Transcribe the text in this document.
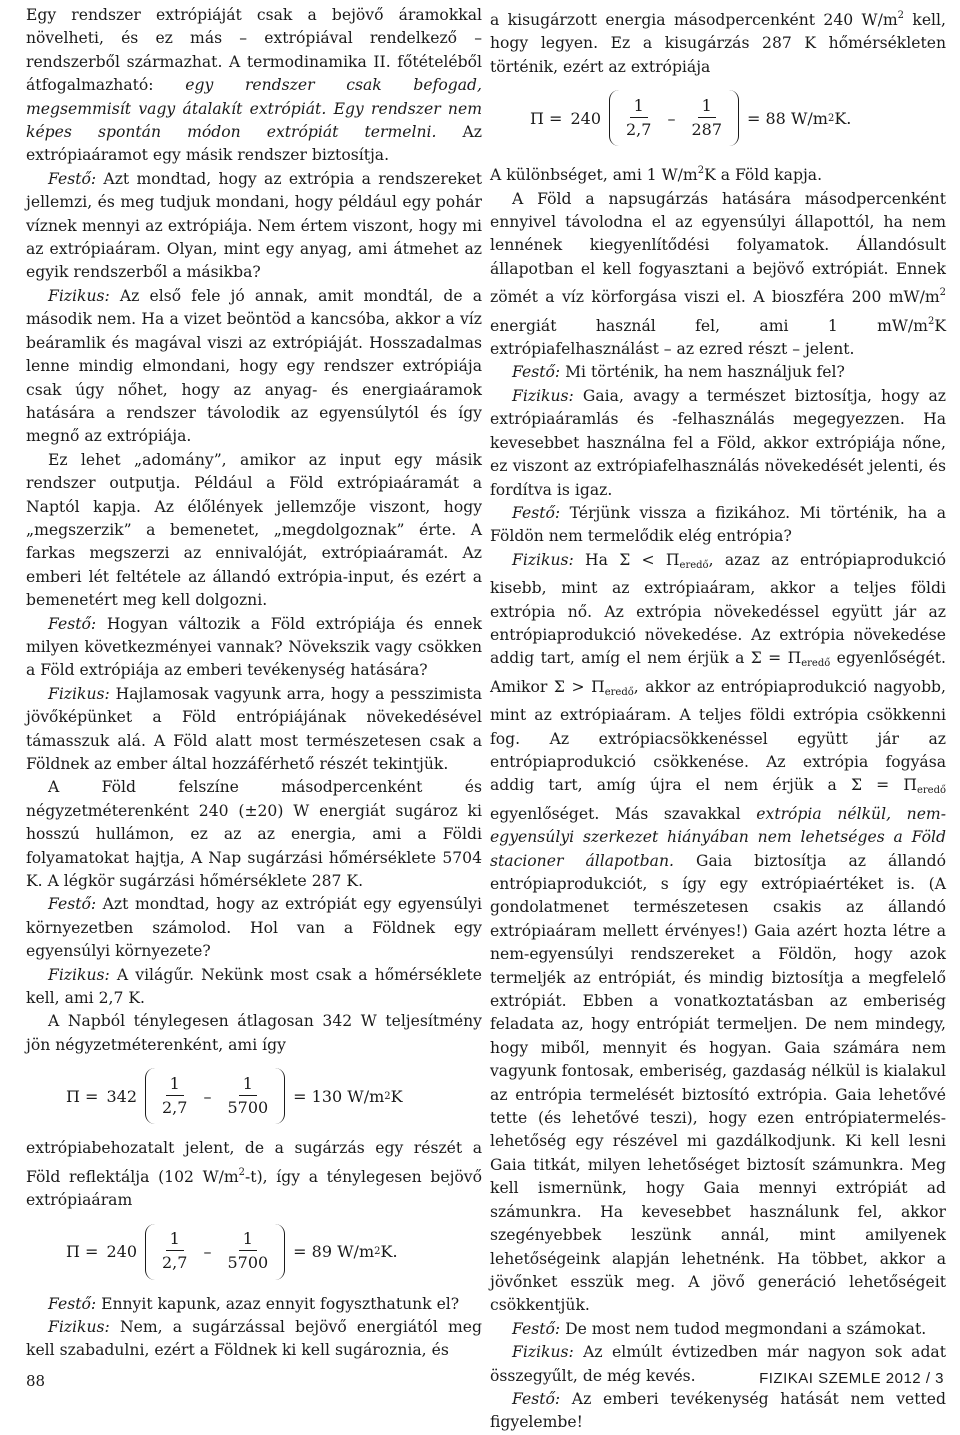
Egy rendszer extrópiáját csak a bejövő áramokkal növelheti, és ez más – extrópiával rendelkező – rendszerből származhat. A termodinamika II. főtételéből átfogalmazható: egy rendszer csak befogad, megsemmisít vagy átalakít extrópiát. Egy rendszer nem képes spontán módon extrópiát termelni. Az extrópiaáramot egy másik rendszer biztosítja.

Festő: Azt mondtad, hogy az extrópia a rendszereket jellemzi, és meg tudjuk mondani, hogy például egy pohár víznek mennyi az extrópiája. Nem értem viszont, hogy mi az extrópiaáram. Olyan, mint egy anyag, ami átmehet az egyik rendszerből a másikba?

Fizikus: Az első fele jó annak, amit mondtál, de a második nem. Ha a vizet beöntöd a kancsóba, akkor a víz beáramlik és magával viszi az extrópiáját. Hosszadalmas lenne mindig elmondani, hogy egy rendszer extrópiája csak úgy nőhet, hogy az anyag- és energiaáramok hatására a rendszer távolodik az egyensúlytól és így megnő az extrópiája.

Ez lehet „adomány”, amikor az input egy másik rendszer outputja. Például a Föld extrópiaáramát a Naptól kapja. Az élőlények jellemzője viszont, hogy „megszerzik” a bemenetet, „megdolgoznak” érte. A farkas megszerzi az ennivalóját, extrópiaáramát. Az emberi lét feltétele az állandó extrópia-input, és ezért a bemenetért meg kell dolgozni.

Festő: Hogyan változik a Föld extrópiája és ennek milyen következményei vannak? Növekszik vagy csökken a Föld extrópiája az emberi tevékenység hatására?

Fizikus: Hajlamosak vagyunk arra, hogy a pesszimista jövőképünket a Föld entrópiájának növekedésével támasszuk alá. A Föld alatt most természetesen csak a Földnek az ember által hozzáférhető részét tekintjük.

A Föld felszíne másodpercenként és négyzetméterenként 240 (±20) W energiát sugároz ki hosszú hullámon, ez az az energia, ami a Földi folyamatokat hajtja, A Nap sugárzási hőmérséklete 5704 K. A légkör sugárzási hőmérséklete 287 K.

Festő: Azt mondtad, hogy az extrópiát egy egyensúlyi környezetben számolod. Hol van a Földnek egy egyensúlyi környezete?

Fizikus: A világűr. Nekünk most csak a hőmérséklete kell, ami 2,7 K.

A Napból ténylegesen átlagosan 342 W teljesítmény jön négyzetméterenként, ami így

$\Pi = 342 \frac{1}{2,7} - \frac{1}{5700} = 130$ W/m 2 K

extrópiabehozatalt jelent, de a sugárzás egy részét a Föld reflektálja (102 $W/m^2-t$), így a ténylegesen bejövő extrópiaáram

$\Pi = 240 \frac{1}{2,7} - \frac{1}{5700} = 89$ W/m 2 K.

Festő: Ennyit kapunk, azaz ennyit fogyszthatunk el?

Fizikus: Nem, a sugárzással bejövő energiától meg kell szabadulni, ezért a Földnek ki kell sugároznia, és

a kisugárzott energia másodpercenként 240 $W/m^2$ kell, hogy legyen. Ez a kisugárzás 287 K hőmérsékleten történik, ezért az extrópiája

$\Pi = 240 \frac{1}{2,7} - \frac{1}{287} = 88$ W/m 2 K.

A különbséget, ami 1 $W/m^2K$ a Föld kapja.

A Föld a napsugárzás hatására másodpercenként ennyivel távolodna el az egyensúlyi állapottól, ha nem lennének kiegyenlítődési folyamatok. Állandósult állapotban el kell fogyasztani a bejövő extrópiát. Ennek zömét a víz körforgása viszi el. A bioszféra 200 $mW/m^2$ energiát használ fel, ami 1 $mW/m^2K$ extrópiafelhasználást – az ezred részt – jelent.

Festő: Mi történik, ha nem használjuk fel?

Fizikus: Gaia, avagy a természet biztosítja, hogy az extrópiaáramlás és -felhasználás megegyezzen. Ha kevesebbet használna fel a Föld, akkor extrópiája nőne, ez viszont az extrópiafelhasználás növekedését jelenti, és fordítva is igaz.

Festő: Térjünk vissza a fizikához. Mi történik, ha a Földön nem termelődik elég entrópia?

Fizikus: Ha $\Sigma < \Pi_{eredő}$, azaz az entrópiaprodukció kisebb, mint az extrópiaáram, akkor a teljes földi extrópia nő. Az extrópia növekedéssel együtt jár az entrópiaprodukció növekedése. Az extrópia növekedése addig tart, amíg el nem érjük a $\Sigma = \Pi_{eredő}$ egyenlőségét. Amikor $\Sigma > \Pi_{eredő}$, akkor az entrópiaprodukció nagyobb, mint az extrópiaáram. A teljes földi extrópia csökkenni fog. Az extrópiacsökkenéssel együtt jár az entrópiaprodukció csökkenése. Az extrópia fogyása addig tart, amíg újra el nem érjük a $\Sigma = \Pi_{eredő}$ egyenlőséget. Más szavakkal extrópia nélkül, nem-egyensúlyi szerkezet hiányában nem lehetséges a Föld stacioner állapotban. Gaia biztosítja az állandó entrópiaprodukciót, s így egy extrópiaértéket is. (A gondolatmenet természetesen csakis az állandó extrópiaáram mellett érvényes!) Gaia azért hozta létre a nem-egyensúlyi rendszereket a Földön, hogy azok termeljék az entrópiát, és mindig biztosítja a megfelelő extrópiát. Ebben a vonatkoztatásban az emberiség feladata az, hogy entrópiát termeljen. De nem mindegy, hogy miből, mennyit és hogyan. Gaia számára nem vagyunk fontosak, emberiség, gazdaság nélkül is kialakul az entrópia termelését biztosító extrópia. Gaia lehetővé tette (és lehetővé teszi), hogy ezen entrópiatermelés-lehetőség egy részével mi gazdálkodjunk. Ki kell lesni Gaia titkát, milyen lehetőséget biztosít számunkra. Meg kell ismernünk, hogy Gaia mennyi extrópiát ad számunkra. Ha kevesebbet használunk fel, akkor szegényebbek leszünk annál, mint amilyenek lehetőségeink alapján lehetnénk. Ha többet, akkor a jövőnket esszük meg. A jövő generáció lehetőségeit csökkentjük.

Festő: De most nem tudod megmondani a számokat.

Fizikus: Az elmúlt évtizedben már nagyon sok adat összegyűlt, de még kevés.

Festő: Az emberi tevékenység hatását nem vetted figyelembe!

88	FIZIKAI SZEMLE 2012 / 3
